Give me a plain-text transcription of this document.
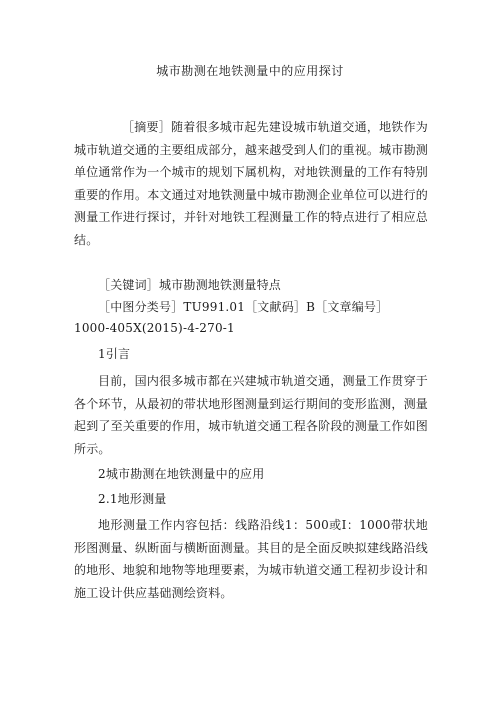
城市勘测在地铁测量中的应用探讨
［摘要］随着很多城市起先建设城市轨道交通，地铁作为城市轨道交通的主要组成部分，越来越受到人们的重视。城市勘测单位通常作为一个城市的规划下属机构，对地铁测量的工作有特别重要的作用。本文通过对地铁测量中城市勘测企业单位可以进行的测量工作进行探讨，并针对地铁工程测量工作的特点进行了相应总结。
［关键词］城市勘测地铁测量特点
［中图分类号］TU991.01［文献码］B［文章编号］
1000-405X(2015)-4-270-1
1引言
目前，国内很多城市都在兴建城市轨道交通，测量工作贯穿于各个环节，从最初的带状地形图测量到运行期间的变形监测，测量起到了至关重要的作用，城市轨道交通工程各阶段的测量工作如图所示。
2城市勘测在地铁测量中的应用
2.1地形测量
地形测量工作内容包括：线路沿线1：500或I：1000带状地形图测量、纵断面与横断面测量。其目的是全面反映拟建线路沿线的地形、地貌和地物等地理要素，为城市轨道交通工程初步设计和施工设计供应基础测绘资料。
